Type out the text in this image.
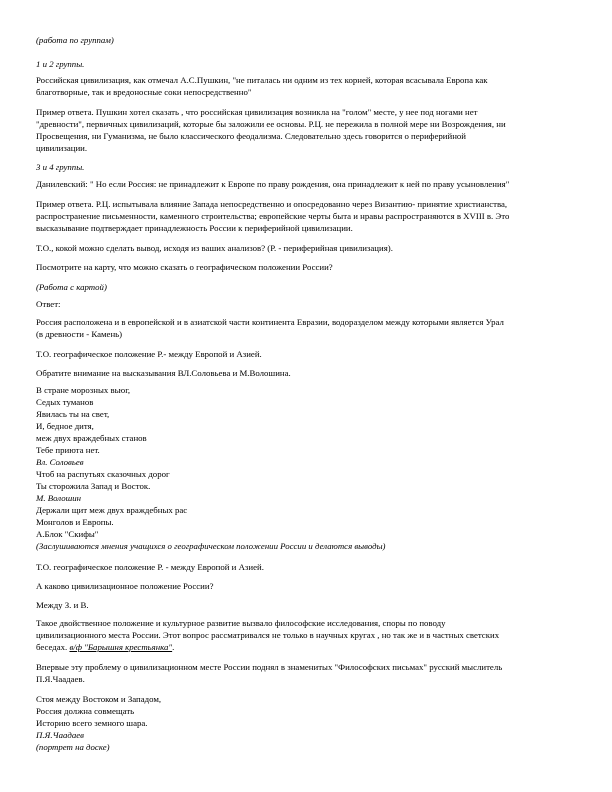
(работа по группам)

1 и 2 группы.

Российская цивилизация, как отмечал А.С.Пушкин, "не питалась ни одним из тех корней, которая всасывала Европа как
благотворные, так и вредоносные соки непосредственно"

Пример ответа. Пушкин хотел сказать , что российская цивилизация возникла на "голом" месте, у нее под ногами нет
"древности", первичных цивилизаций, которые бы заложили ее основы. Р.Ц. не пережила в полной мере ни Возрождения, ни
Просвещения, ни Гуманизма, не было классического феодализма. Следовательно здесь говорится о периферийной
цивилизации.

3 и 4 группы.

Данилевский: " Но если Россия: не принадлежит к Европе по праву рождения, она принадлежит к ней по праву усыновления"

Пример ответа. Р.Ц. испытывала влияние Запада непосредственно и опосредованно через Византию- принятие христианства,
распространение письменности, каменного строительства; европейские черты быта и нравы распространяются в XVIII в. Это
высказывание подтверждает принадлежность России к периферийной цивилизации.

Т.О., кокой можно сделать вывод, исходя из ваших анализов? (Р. - периферийная цивилизация).

Посмотрите на карту, что можно сказать о географическом положении России?

(Работа с картой)

Ответ:

Россия расположена и в европейской и в азиатской части континента Евразии, водоразделом между которыми является Урал
(в древности - Камень)

Т.О. географическое положение Р.- между Европой и Азией.

Обратите внимание на высказывания ВЛ.Соловьева и М.Волошина.

В стране морозных вьюг,
Седых туманов
Явилась ты на свет,
И, бедное дитя,
меж двух враждебных станов
Тебе приюта нет.
Вл. Соловьев
Чтоб на распутьях сказочных дорог
Ты сторожила Запад и Восток.
М. Волошин
Держали щит меж двух враждебных рас
Монголов и Европы.
А.Блок "Скифы"
(Заслушиваются мнения учащихся о географическом положении России и делаются выводы)

Т.О. географическое положение Р. - между Европой и Азией.

А каково цивилизационное положение России?

Между З. и В.

Такое двойственное положение и культурное развитие вызвало философские исследования, споры по поводу
цивилизационного места России. Этот вопрос рассматривался не только в научных кругах , но так же и в частных светских
беседах. в/ф "Барышня крестьянка".

Впервые эту проблему о цивилизационном месте России поднял в знаменитых "Философских письмах" русский мыслитель
П.Я.Чаадаев.

Стоя между Востоком и Западом,
Россия должна совмещать
Историю всего земного шара.
П.Я.Чаадаев
(портрет на доске)
